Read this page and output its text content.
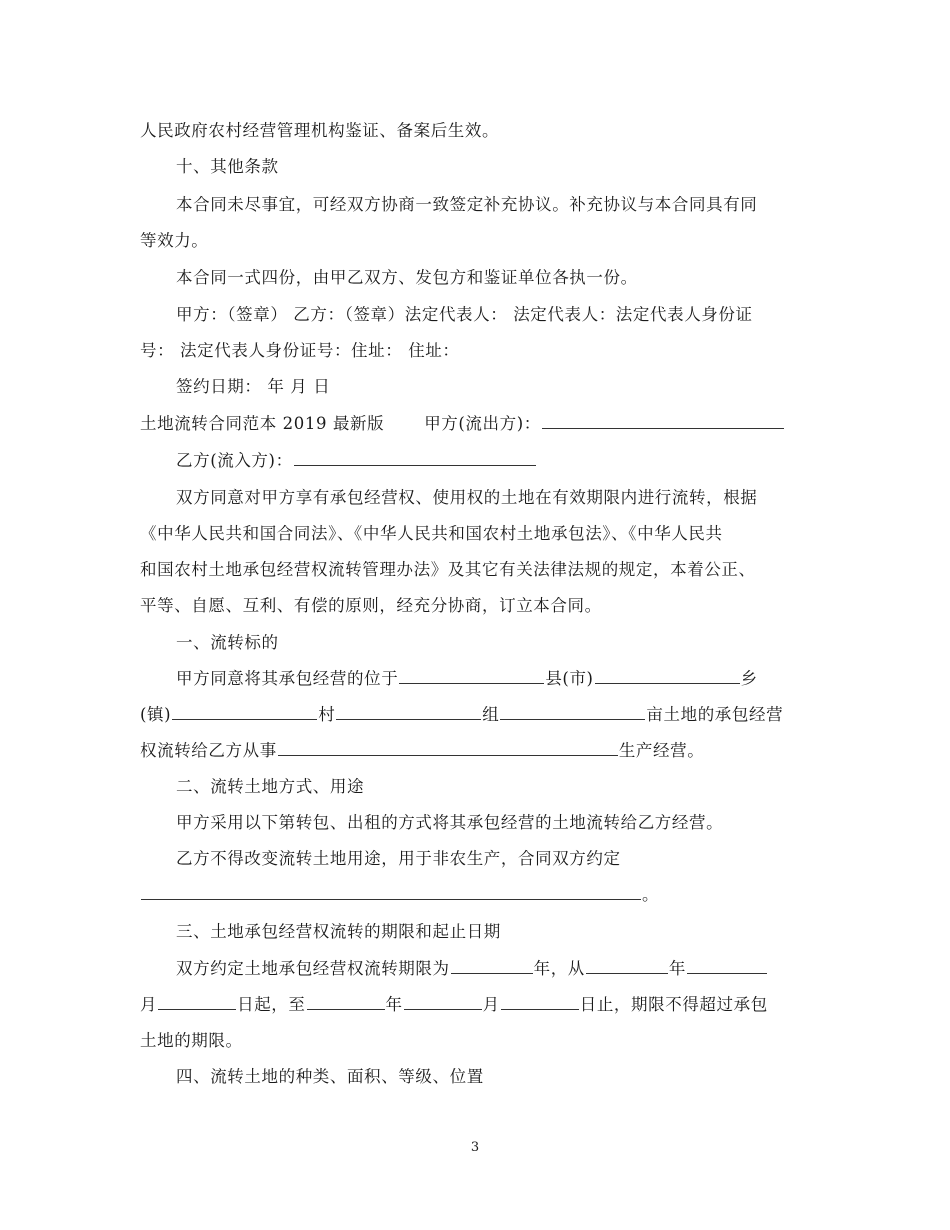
人民政府农村经营管理机构鉴证、备案后生效。
十、其他条款
本合同未尽事宜，可经双方协商一致签定补充协议。补充协议与本合同具有同
等效力。
本合同一式四份，由甲乙双方、发包方和鉴证单位各执一份。
甲方：（签章） 乙方：（签章）法定代表人： 法定代表人：法定代表人身份证
号： 法定代表人身份证号：住址： 住址：
签约日期： 年 月 日
土地流转合同范本 2019 最新版 甲方(流出方)：
乙方(流入方)：
双方同意对甲方享有承包经营权、使用权的土地在有效期限内进行流转，根据
《中华人民共和国合同法》、《中华人民共和国农村土地承包法》、《中华人民共
和国农村土地承包经营权流转管理办法》及其它有关法律法规的规定，本着公正、
平等、自愿、互利、有偿的原则，经充分协商，订立本合同。
一、流转标的
甲方同意将其承包经营的位于	县(市)	乡
(镇)	村	组	亩土地的承包经营
权流转给乙方从事	生产经营。
二、流转土地方式、用途
甲方采用以下第转包、出租的方式将其承包经营的土地流转给乙方经营。
乙方不得改变流转土地用途，用于非农生产，合同双方约定
。
三、土地承包经营权流转的期限和起止日期
双方约定土地承包经营权流转期限为	年，从	年
月	日起，至	年	月	日止，期限不得超过承包
土地的期限。
四、流转土地的种类、面积、等级、位置
3
